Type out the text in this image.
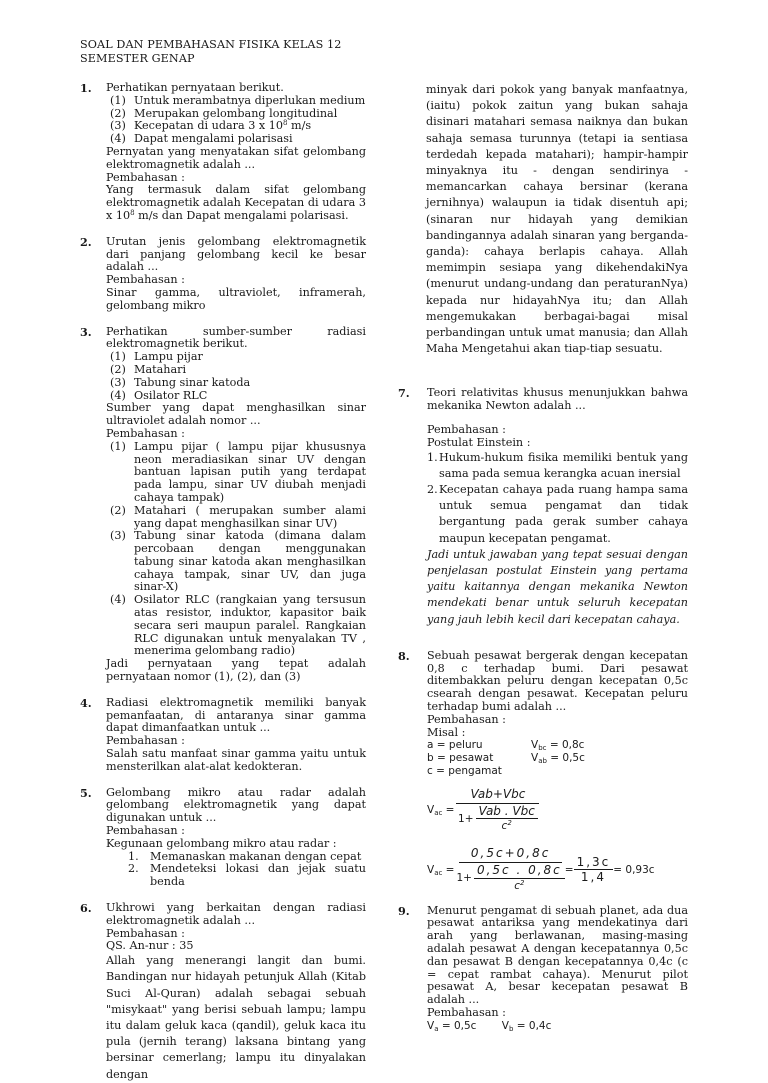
SOAL DAN PEMBAHASAN FISIKA KELAS 12
SEMESTER GENAP
1. Perhatikan pernyataan berikut.
(1) Untuk merambatnya diperlukan medium
(2) Merupakan gelombang longitudinal
(3) Kecepatan di udara 3 x $10^8$ m/s
(4) Dapat mengalami polarisasi
Pernyatan yang menyatakan sifat gelombang elektromagnetik adalah ...
Pembahasan :
Yang termasuk dalam sifat gelombang elektromagnetik adalah Kecepatan di udara 3 x $10^8$ m/s dan Dapat mengalami polarisasi.
2. Urutan jenis gelombang elektromagnetik dari panjang gelombang kecil ke besar adalah ...
Pembahasan :
Sinar gamma, ultraviolet, inframerah, gelombang mikro
3. Perhatikan sumber-sumber radiasi elektromagnetik berikut.
(1) Lampu pijar
(2) Matahari
(3) Tabung sinar katoda
(4) Osilator RLC
Sumber yang dapat menghasilkan sinar ultraviolet adalah nomor ...
Pembahasan :
(1) Lampu pijar ( lampu pijar khususnya neon meradiasikan sinar UV dengan bantuan lapisan putih yang terdapat pada lampu, sinar UV diubah menjadi cahaya tampak)
(2) Matahari ( merupakan sumber alami yang dapat menghasilkan sinar UV)
(3) Tabung sinar katoda (dimana dalam percobaan dengan menggunakan tabung sinar katoda akan menghasilkan cahaya tampak, sinar UV, dan juga sinar-X)
(4) Osilator RLC (rangkaian yang tersusun atas resistor, induktor, kapasitor baik secara seri maupun paralel. Rangkaian RLC digunakan untuk menyalakan TV , menerima gelombang radio)
Jadi pernyataan yang tepat adalah pernyataan nomor (1), (2), dan (3)
4. Radiasi elektromagnetik memiliki banyak pemanfaatan, di antaranya sinar gamma dapat dimanfaatkan untuk ...
Pembahasan :
Salah satu manfaat sinar gamma yaitu untuk mensterilkan alat-alat kedokteran.
5. Gelombang mikro atau radar adalah gelombang elektromagnetik yang dapat digunakan untuk ...
Pembahasan :
Kegunaan gelombang mikro atau radar :
1. Memanaskan makanan dengan cepat
2. Mendeteksi lokasi dan jejak suatu benda
6. Ukhrowi yang berkaitan dengan radiasi elektromagnetik adalah ...
Pembahasan :
QS. An-nur : 35
Allah yang menerangi langit dan bumi. Bandingan nur hidayah petunjuk Allah (Kitab Suci Al-Quran) adalah sebagai sebuah "misykaat" yang berisi sebuah lampu; lampu itu dalam geluk kaca (qandil), geluk kaca itu pula (jernih terang) laksana bintang yang bersinar cemerlang; lampu itu dinyalakan dengan
minyak dari pokok yang banyak manfaatnya, (iaitu) pokok zaitun yang bukan sahaja disinari matahari semasa naiknya dan bukan sahaja semasa turunnya (tetapi ia sentiasa terdedah kepada matahari); hampir-hampir minyaknya itu - dengan sendirinya - memancarkan cahaya bersinar (kerana jernihnya) walaupun ia tidak disentuh api; (sinaran nur hidayah yang demikian bandingannya adalah sinaran yang berganda-ganda): cahaya berlapis cahaya. Allah memimpin sesiapa yang dikehendakiNya (menurut undang-undang dan peraturanNya) kepada nur hidayahNya itu; dan Allah mengemukakan berbagai-bagai misal perbandingan untuk umat manusia; dan Allah Maha Mengetahui akan tiap-tiap sesuatu.
7. Teori relativitas khusus menunjukkan bahwa mekanika Newton adalah ...
Pembahasan :
Postulat Einstein :
1. Hukum-hukum fisika memiliki bentuk yang sama pada semua kerangka acuan inersial
2. Kecepatan cahaya pada ruang hampa sama untuk semua pengamat dan tidak bergantung pada gerak sumber cahaya maupun kecepatan pengamat.
Jadi untuk jawaban yang tepat sesuai dengan penjelasan postulat Einstein yang pertama yaitu kaitannya dengan mekanika Newton mendekati benar untuk seluruh kecepatan yang jauh lebih kecil dari kecepatan cahaya.
8. Sebuah pesawat bergerak dengan kecepatan 0,8 c terhadap bumi. Dari pesawat ditembakkan peluru dengan kecepatan 0,5c csearah dengan pesawat. Kecepatan peluru terhadap bumi adalah ...
Pembahasan :
Misal :
a = peluru	$V_{bc} = 0,8c$
b = pesawat	$V_{ab} = 0,5c$
c = pengamat
$V_{ac} = \frac{\text{Vab+Vbc}}{1+ \frac{\text{Vab . Vbc}}{c^2}}$
$V_{ac} = \frac{0,5c+0,8c}{1+ \frac{0,5c . 0,8c}{c^2}} = \frac{1,3c}{1,4} = 0,93c$
9. Menurut pengamat di sebuah planet, ada dua pesawat antariksa yang mendekatinya dari arah yang berlawanan, masing-masing adalah pesawat A dengan kecepatannya 0,5c dan pesawat B dengan kecepatannya 0,4c (c = cepat rambat cahaya). Menurut pilot pesawat A, besar kecepatan pesawat B adalah ...
Pembahasan :
$V_a = 0,5c$ $V_b = 0,4c$
